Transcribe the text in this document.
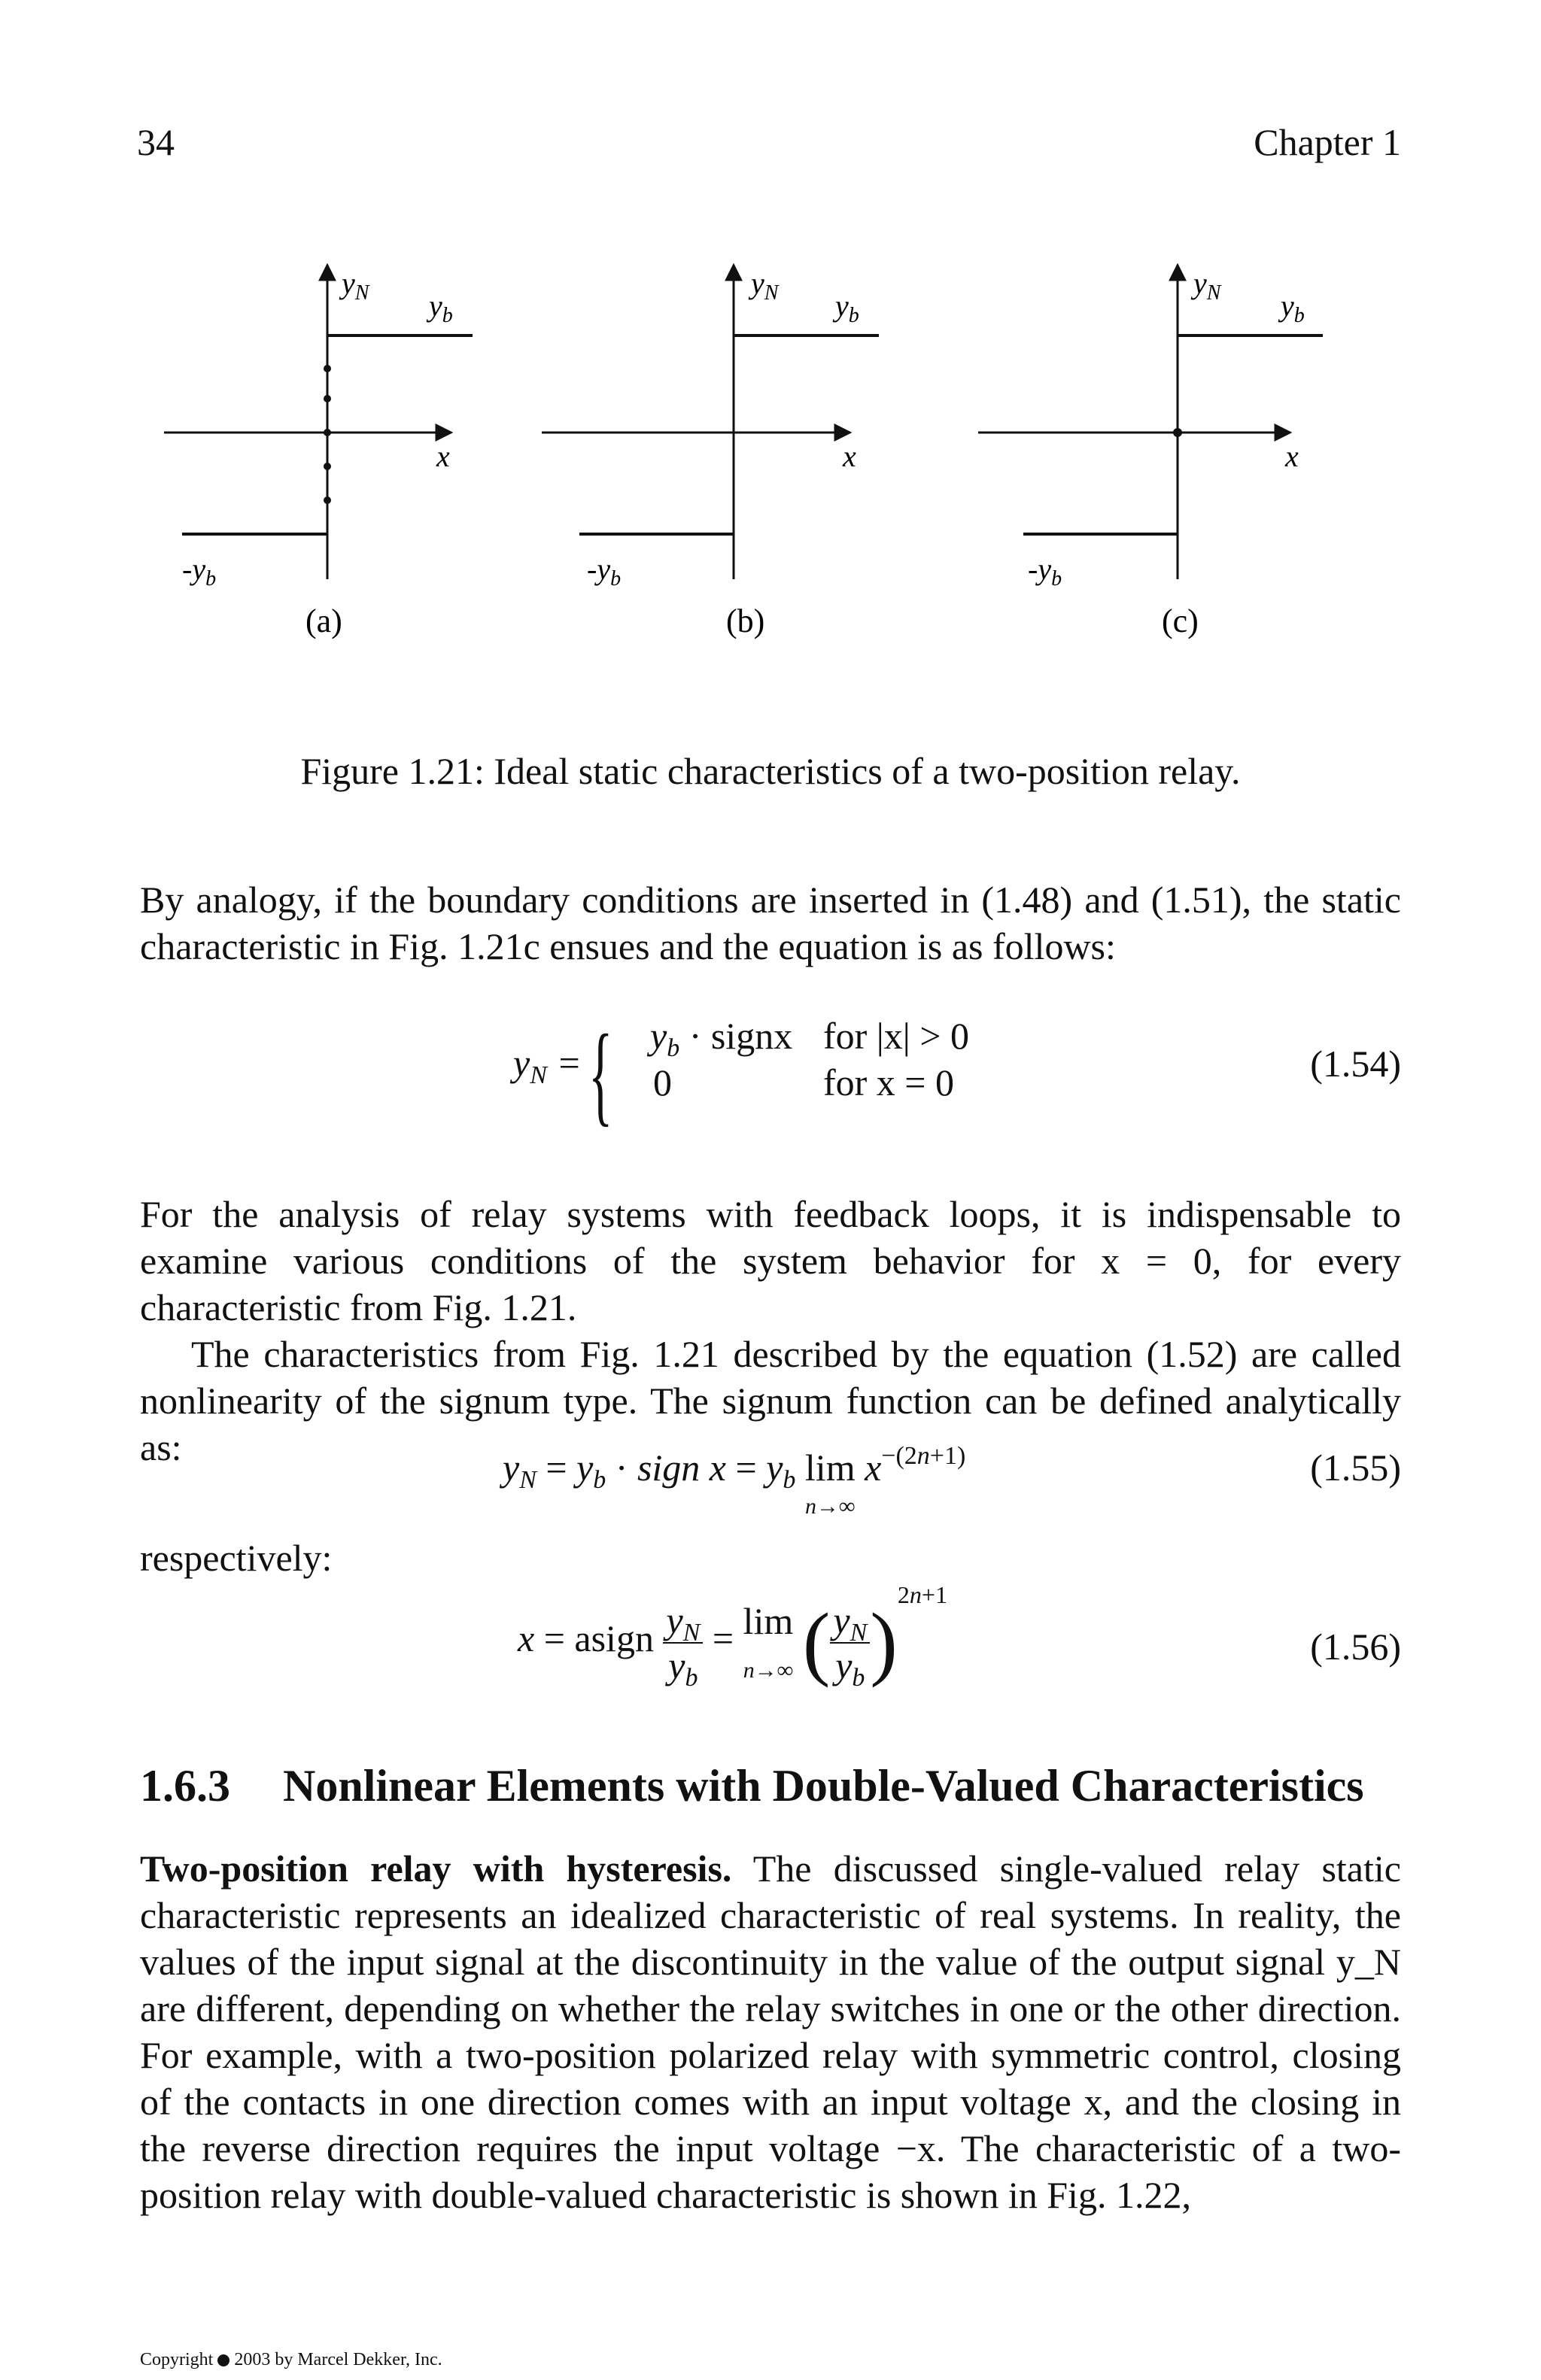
34	Chapter 1
$y_N$ $y_b$
x
$-y_b$
(a)
$y_N$ $y_b$
x
$-y_b$
(b)
$y_N$ $y_b$
x
$-y_b$
(c)
Figure 1.21: Ideal static characteristics of a two-position relay.

By analogy, if the boundary conditions are inserted in (1.48) and (1.51), the static characteristic in Fig. 1.21c ensues and the equation is as follows:

$y_N$ = { $y_b$ · signx for |x| > 0
0	for x = 0	(1.54)

For the analysis of relay systems with feedback loops, it is indispensable to examine various conditions of the system behavior for x = 0, for every characteristic from Fig. 1.21.

The characteristics from Fig. 1.21 described by the equation (1.52) are called nonlinearity of the signum type. The signum function can be defined analytically as:	$y_N = y_b$ · sign $x = y_b$ lim
$^{n\to\infty}$ $x^{-(2n+1)}$	(1.55)
respectively:
x = asign $\frac{y_N}{y_b} = \lim$
n→∞ ( $\frac{y_N}{y_b} )^{2n+1}$
(1.56)
1.6.3 Nonlinear Elements with Double-Valued Characteristics

Two-position relay with hysteresis. The discussed single-valued relay static characteristic represents an idealized characteristic of real systems. In reality, the values of the input signal at the discontinuity in the value of the output signal y_N are different, depending on whether the relay switches in one or the other direction. For example, with a two-position polarized relay with symmetric control, closing of the contacts in one direction comes with an input voltage x, and the closing in the reverse direction requires the input voltage −x. The characteristic of a two-position relay with double-valued characteristic is shown in Fig. 1.22,

Copyright 2003 by Marcel Dekker, Inc.
